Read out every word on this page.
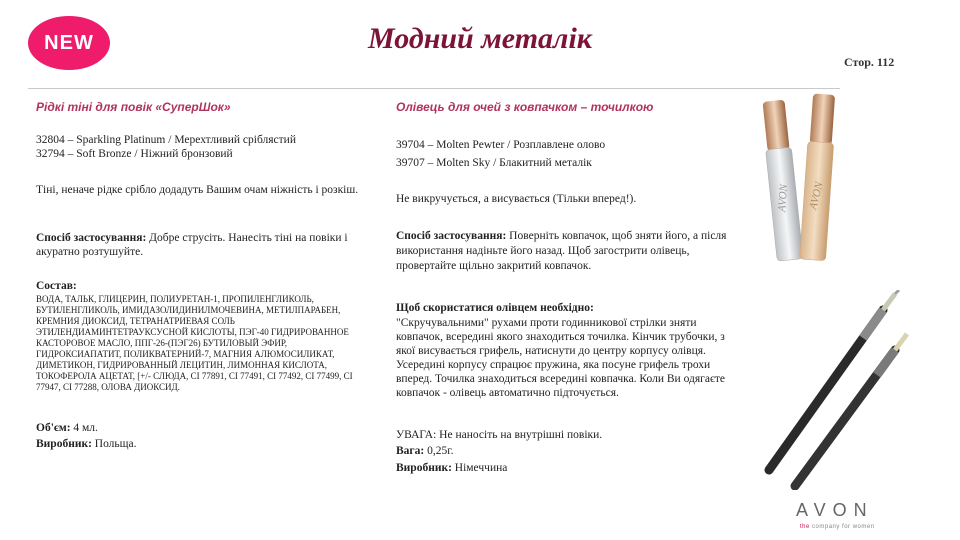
NEW	Модний металік
Стор. 112
Рідкі тіні для повік «СуперШок»
32804 – Sparkling Platinum / Мерехтливий сріблястий
32794 – Soft Bronze / Ніжний бронзовий
Тіні, неначе рідке срібло додадуть Вашим очам ніжність і розкіш.
Спосіб застосування: Добре струсіть. Нанесіть тіні на повіки і акуратно розтушуйте.
Состав:
ВОДА, ТАЛЬК, ГЛИЦЕРИН, ПОЛИУРЕТАН-1, ПРОПИЛЕНГЛИКОЛЬ, БУТИЛЕНГЛИКОЛЬ, ИМИДАЗОЛИДИНИЛМОЧЕВИНА, МЕТИЛПАРАБЕН, КРЕМНИЯ ДИОКСИД, ТЕТРАНАТРИЕВАЯ СОЛЬ ЭТИЛЕНДИАМИНТЕТРАУКСУСНОЙ КИСЛОТЫ, ПЭГ-40 ГИДРИРОВАННОЕ КАСТОРОВОЕ МАСЛО, ППГ-26-(ПЭГ26) БУТИЛОВЫЙ ЭФИР, ГИДРОКСИАПАТИТ, ПОЛИКВАТЕРНИЙ-7, МАГНИЯ АЛЮМОСИЛИКАТ, ДИМЕТИКОН, ГИДРИРОВАННЫЙ ЛЕЦИТИН, ЛИМОННАЯ КИСЛОТА, ТОКОФЕРОЛА АЦЕТАТ, [+/- СЛЮДА, CI 77891, CI 77491, CI 77492, CI 77499, CI 77947, CI 77288, ОЛОВА ДИОКСИД.
Об'єм: 4 мл.
Виробник: Польща.
Олівець для очей з ковпачком – точилкою
39704 – Molten Pewter / Розплавлене олово
39707 – Molten Sky / Блакитний металік
Не викручується, а висувається (Тільки вперед!).
Спосіб застосування: Поверніть ковпачок, щоб зняти його, а після використання надіньте його назад. Щоб загострити олівець, провертайте щільно закритий ковпачок.
Щоб скористатися олівцем необхідно:
"Скручувальними" рухами проти годинникової стрілки зняти ковпачок, всередині якого знаходиться точилка. Кінчик трубочки, з якої висувається грифель, натиснути до центру корпусу олівця. Усередині корпусу спрацює пружина, яка посуне грифель трохи вперед. Точилка знаходиться всередині ковпачка. Коли Ви одягаєте ковпачок - олівець автоматично підточується.
УВАГА: Не наносіть на внутрішні повіки.
Вага: 0,25г.
Виробник: Німеччина
AVON AVON
AVON
the company for women
